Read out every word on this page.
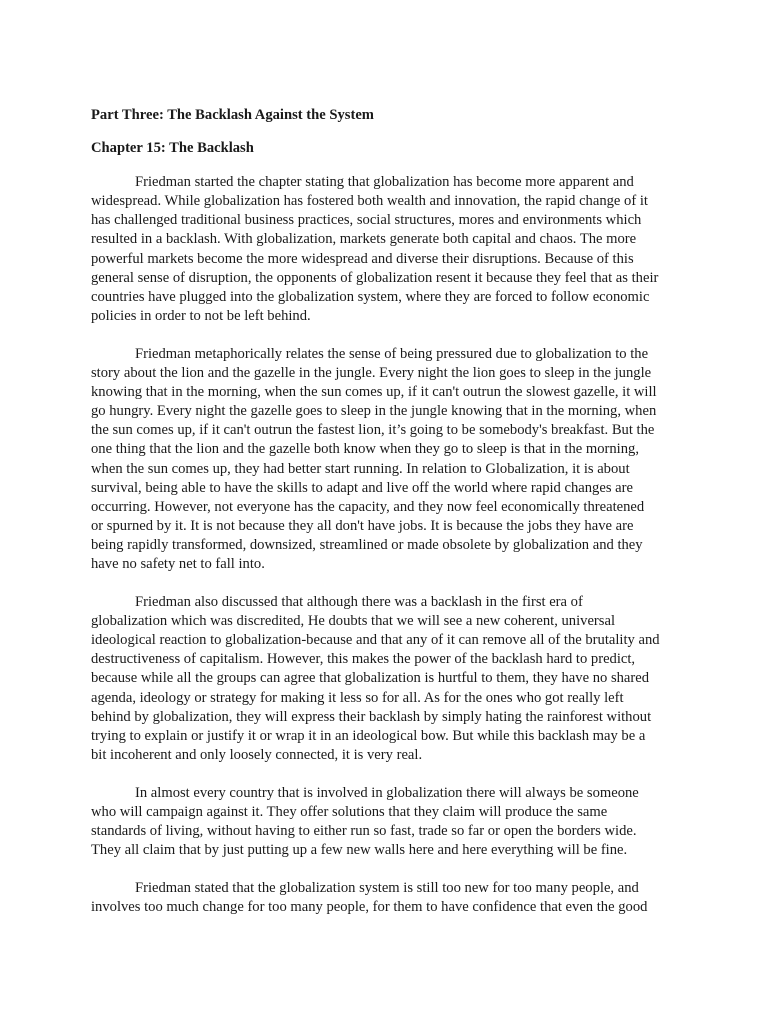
Part Three: The Backlash Against the System

Chapter 15: The Backlash

Friedman started the chapter stating that globalization has become more apparent and
widespread. While globalization has fostered both wealth and innovation, the rapid change of it
has challenged traditional business practices, social structures, mores and environments which
resulted in a backlash. With globalization, markets generate both capital and chaos. The more
powerful markets become the more widespread and diverse their disruptions. Because of this
general sense of disruption, the opponents of globalization resent it because they feel that as their
countries have plugged into the globalization system, where they are forced to follow economic
policies in order to not be left behind.
Friedman metaphorically relates the sense of being pressured due to globalization to the
story about the lion and the gazelle in the jungle. Every night the lion goes to sleep in the jungle
knowing that in the morning, when the sun comes up, if it can't outrun the slowest gazelle, it will
go hungry. Every night the gazelle goes to sleep in the jungle knowing that in the morning, when
the sun comes up, if it can't outrun the fastest lion, it’s going to be somebody's breakfast. But the
one thing that the lion and the gazelle both know when they go to sleep is that in the morning,
when the sun comes up, they had better start running. In relation to Globalization, it is about
survival, being able to have the skills to adapt and live off the world where rapid changes are
occurring. However, not everyone has the capacity, and they now feel economically threatened
or spurned by it. It is not because they all don't have jobs. It is because the jobs they have are
being rapidly transformed, downsized, streamlined or made obsolete by globalization and they
have no safety net to fall into.
Friedman also discussed that although there was a backlash in the first era of
globalization which was discredited, He doubts that we will see a new coherent, universal
ideological reaction to globalization-because and that any of it can remove all of the brutality and
destructiveness of capitalism. However, this makes the power of the backlash hard to predict,
because while all the groups can agree that globalization is hurtful to them, they have no shared
agenda, ideology or strategy for making it less so for all. As for the ones who got really left
behind by globalization, they will express their backlash by simply hating the rainforest without
trying to explain or justify it or wrap it in an ideological bow. But while this backlash may be a
bit incoherent and only loosely connected, it is very real.
In almost every country that is involved in globalization there will always be someone
who will campaign against it. They offer solutions that they claim will produce the same
standards of living, without having to either run so fast, trade so far or open the borders wide.
They all claim that by just putting up a few new walls here and here everything will be fine.
Friedman stated that the globalization system is still too new for too many people, and
involves too much change for too many people, for them to have confidence that even the good
